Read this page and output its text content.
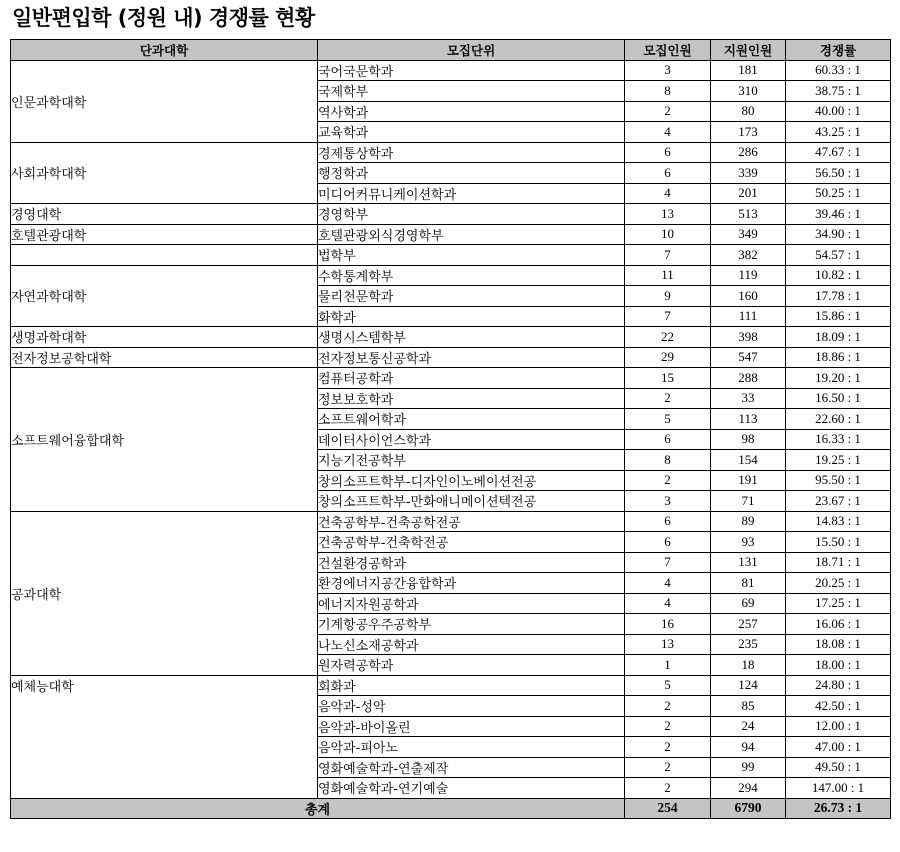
일반편입학 (정원 내) 경쟁률 현황
단과대학	모집단위	모집인원	지원인원	경쟁률
인문과학대학	국어국문학과	3	181	60.33 : 1
	국제학부	8	310	38.75 : 1
	역사학과	2	80	40.00 : 1
	교육학과	4	173	43.25 : 1
사회과학대학	경제통상학과	6	286	47.67 : 1
	행정학과	6	339	56.50 : 1
	미디어커뮤니케이션학과	4	201	50.25 : 1
경영대학	경영학부	13	513	39.46 : 1
호텔관광대학	호텔관광외식경영학부	10	349	34.90 : 1
	법학부	7	382	54.57 : 1
자연과학대학	수학통계학부	11	119	10.82 : 1
	물리천문학과	9	160	17.78 : 1
	화학과	7	111	15.86 : 1
생명과학대학	생명시스템학부	22	398	18.09 : 1
전자정보공학대학	전자정보통신공학과	29	547	18.86 : 1
소프트웨어융합대학	컴퓨터공학과	15	288	19.20 : 1
	정보보호학과	2	33	16.50 : 1
	소프트웨어학과	5	113	22.60 : 1
	데이터사이언스학과	6	98	16.33 : 1
	지능기전공학부	8	154	19.25 : 1
	창의소프트학부-디자인이노베이션전공	2	191	95.50 : 1
	창의소프트학부-만화애니메이션텍전공	3	71	23.67 : 1
공과대학	건축공학부-건축공학전공	6	89	14.83 : 1
	건축공학부-건축학전공	6	93	15.50 : 1
	건설환경공학과	7	131	18.71 : 1
	환경에너지공간융합학과	4	81	20.25 : 1
	에너지자원공학과	4	69	17.25 : 1
	기계항공우주공학부	16	257	16.06 : 1
	나노신소재공학과	13	235	18.08 : 1
	원자력공학과	1	18	18.00 : 1
예체능대학	회화과	5	124	24.80 : 1
	음악과-성악	2	85	42.50 : 1
	음악과-바이올린	2	24	12.00 : 1
	음악과-피아노	2	94	47.00 : 1
	영화예술학과-연출제작	2	99	49.50 : 1
	영화예술학과-연기예술	2	294	147.00 : 1
총계		254	6790	26.73 : 1
